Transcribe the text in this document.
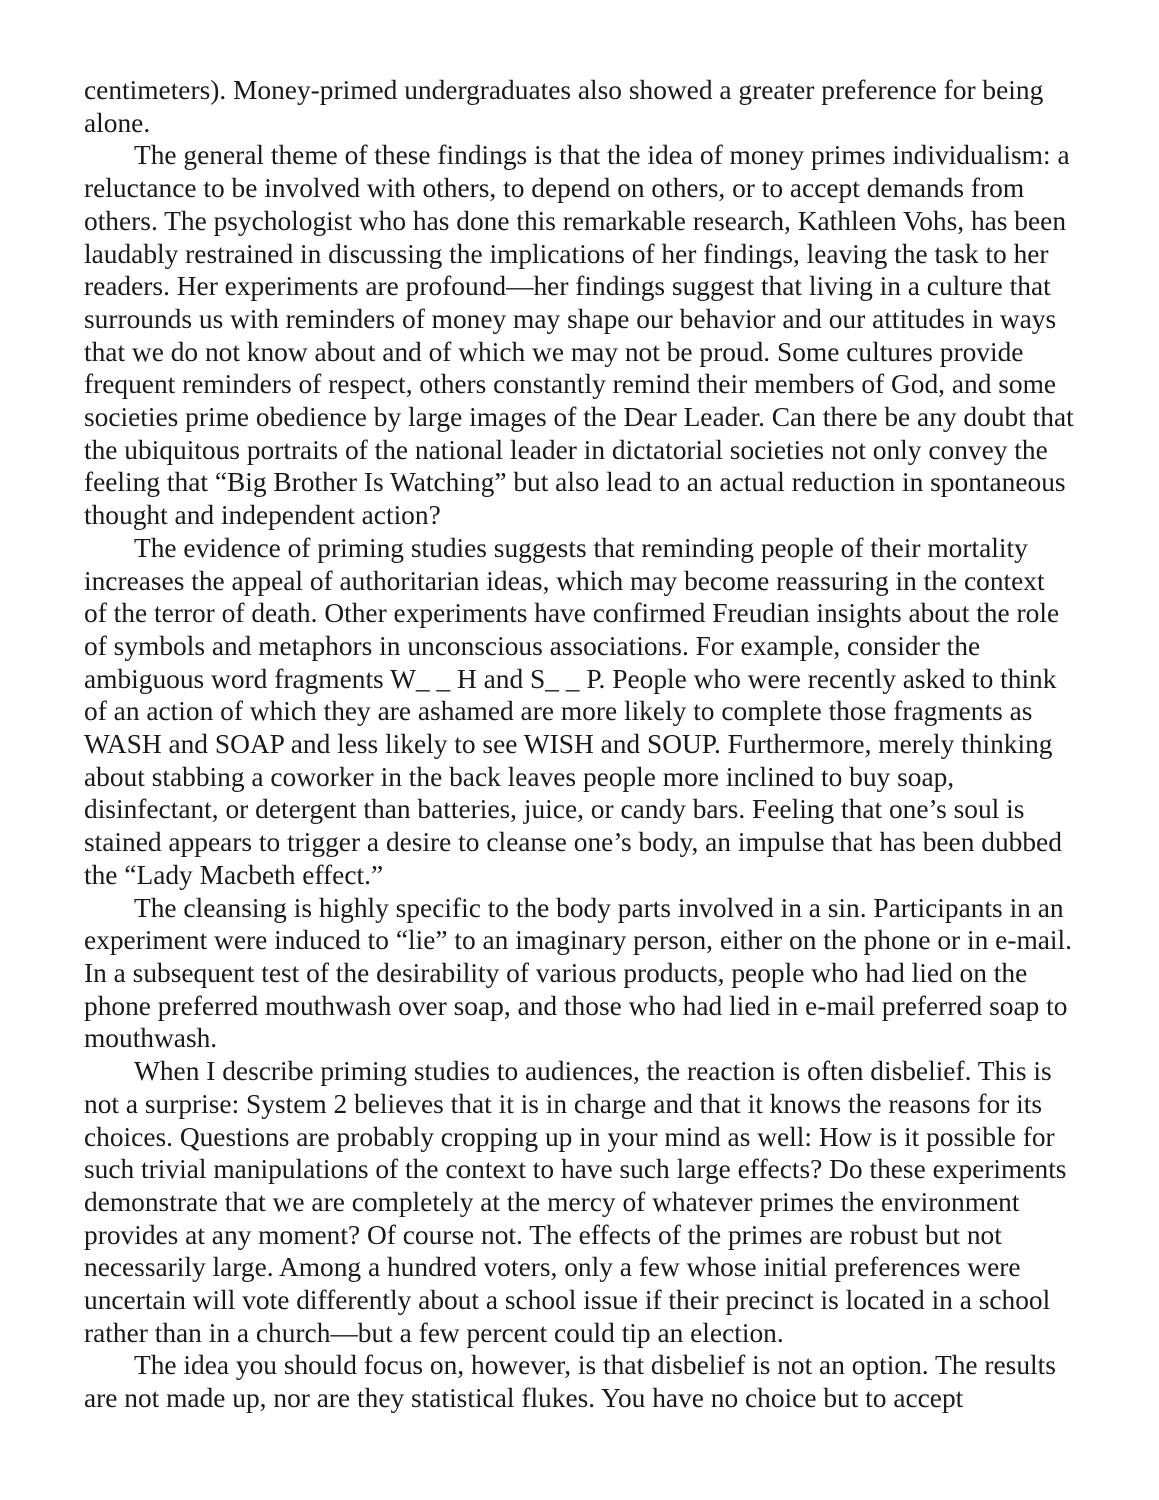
centimeters). Money-primed undergraduates also showed a greater preference for being alone.

The general theme of these findings is that the idea of money primes individualism: a reluctance to be involved with others, to depend on others, or to accept demands from others. The psychologist who has done this remarkable research, Kathleen Vohs, has been laudably restrained in discussing the implications of her findings, leaving the task to her readers. Her experiments are profound—her findings suggest that living in a culture that surrounds us with reminders of money may shape our behavior and our attitudes in ways that we do not know about and of which we may not be proud. Some cultures provide frequent reminders of respect, others constantly remind their members of God, and some societies prime obedience by large images of the Dear Leader. Can there be any doubt that the ubiquitous portraits of the national leader in dictatorial societies not only convey the feeling that “Big Brother Is Watching” but also lead to an actual reduction in spontaneous thought and independent action?

The evidence of priming studies suggests that reminding people of their mortality increases the appeal of authoritarian ideas, which may become reassuring in the context of the terror of death. Other experiments have confirmed Freudian insights about the role of symbols and metaphors in unconscious associations. For example, consider the ambiguous word fragments W_ _ H and S_ _ P. People who were recently asked to think of an action of which they are ashamed are more likely to complete those fragments as WASH and SOAP and less likely to see WISH and SOUP. Furthermore, merely thinking about stabbing a coworker in the back leaves people more inclined to buy soap, disinfectant, or detergent than batteries, juice, or candy bars. Feeling that one’s soul is stained appears to trigger a desire to cleanse one’s body, an impulse that has been dubbed the “Lady Macbeth effect.”

The cleansing is highly specific to the body parts involved in a sin. Participants in an experiment were induced to “lie” to an imaginary person, either on the phone or in e-mail. In a subsequent test of the desirability of various products, people who had lied on the phone preferred mouthwash over soap, and those who had lied in e-mail preferred soap to mouthwash.

When I describe priming studies to audiences, the reaction is often disbelief. This is not a surprise: System 2 believes that it is in charge and that it knows the reasons for its choices. Questions are probably cropping up in your mind as well: How is it possible for such trivial manipulations of the context to have such large effects? Do these experiments demonstrate that we are completely at the mercy of whatever primes the environment provides at any moment? Of course not. The effects of the primes are robust but not necessarily large. Among a hundred voters, only a few whose initial preferences were uncertain will vote differently about a school issue if their precinct is located in a school rather than in a church—but a few percent could tip an election.

The idea you should focus on, however, is that disbelief is not an option. The results are not made up, nor are they statistical flukes. You have no choice but to accept
